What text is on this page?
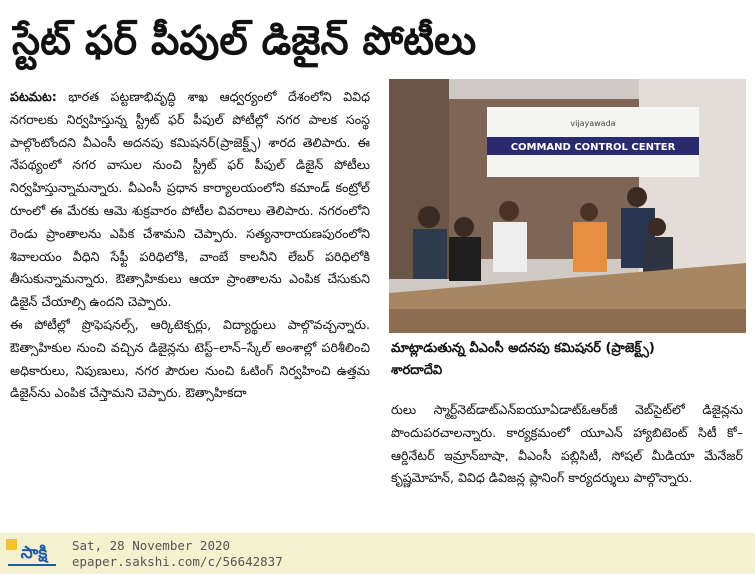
స్టేట్ ఫర్ పీపుల్ డిజైన్ పోటీలు

పటమట: భారత పట్టణాభివృద్ధి శాఖ ఆధ్వర్యంలో దేశంలోని వివిధ నగరాలకు నిర్వహిస్తున్న స్ట్రీట్ ఫర్ పీపుల్ పోటీల్లో నగర పాలక సంస్థ పాల్గొంటోందని వీఎంసీ అదనపు కమిషనర్(ప్రాజెక్ట్స్) శారద తెలిపారు. ఈ నేపథ్యంలో నగర వాసుల నుంచి స్ట్రీట్ ఫర్ పీపుల్ డిజైన్ పోటీలు నిర్వహిస్తున్నామన్నారు. వీఎంసీ ప్రధాన కార్యాలయంలోని కమాండ్ కంట్రోల్ రూంలో ఈ మేరకు ఆమె శుక్రవారం పోటీల వివరాలు తెలిపారు. నగరంలోని రెండు ప్రాంతాలను ఎపిక చేశామని చెప్పారు. సత్యనారాయణపురంలోని శివాలయం వీధిని సేఫ్టీ పరిధిలోకి, వాంబే కాలనీని లేబర్ పరిధిలోకి తీసుకున్నామన్నారు. ఔత్సాహికులు ఆయా ప్రాంతాలను ఎంపిక చేసుకుని డిజైన్ చేయాల్సి ఉందని చెప్పారు.

ఈ పోటీల్లో ప్రొఫెషనల్స్, ఆర్కిటెక్చర్లు, విద్యార్థులు పాల్గొవచ్చన్నారు. ఔత్సాహికుల నుంచి వచ్చిన డిజైన్లను టెస్ట్–లాన్–స్కేల్ అంశాల్లో పరిశీలించి అధికారులు, నిపుణులు, నగర పౌరుల నుంచి ఓటింగ్ నిర్వహించి ఉత్తమ డిజైన్‌ను ఎంపిక చేస్తామని చెప్పారు. ఔత్సాహికదా

vijayawada
COMMAND CONTROL CENTER
మాట్లాడుతున్న వీఎంసీ అదనపు కమిషనర్ (ప్రాజెక్ట్స్)
శారదాదేవి

రులు స్మార్ట్‌నెట్‌డాట్‌ఎన్‌ఐయూఏడాట్‌ఓఆర్‌జీ వెబ్‌సైట్‌లో డిజైన్లను పొందుపరచాలన్నారు. కార్యక్రమంలో యూఎన్ హ్యాబిటెంట్ సిటీ కో–ఆర్డినేటర్ ఇమ్రాన్‌బాషా, వీఎంసీ పబ్లిసిటీ, సోషల్ మీడియా మేనేజర్ కృష్ణమోహన్, వివిధ డివిజన్ల ప్లానింగ్ కార్యదర్శులు పాల్గొన్నారు.

సాక్షి Sat, 28 November 2020
epaper.sakshi.com/c/56642837
